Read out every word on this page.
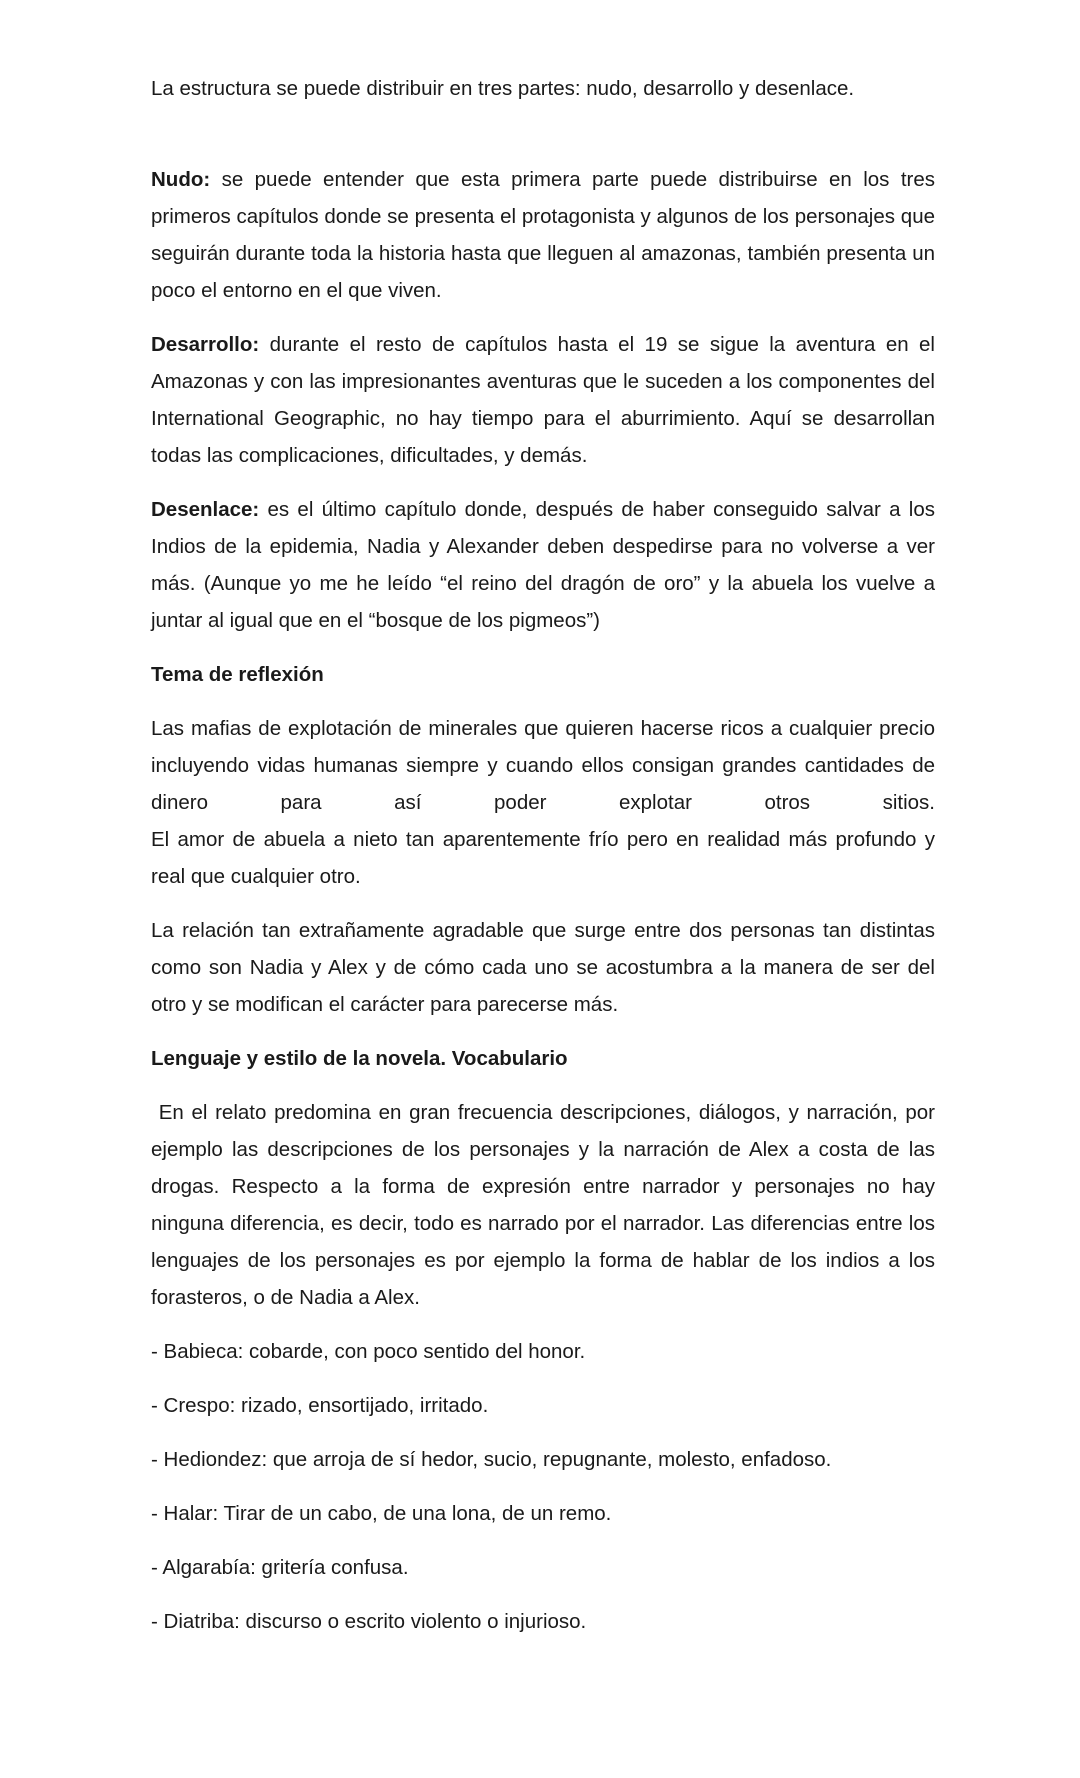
La estructura se puede distribuir en tres partes: nudo, desarrollo y desenlace.

Nudo: se puede entender que esta primera parte puede distribuirse en los tres primeros capítulos donde se presenta el protagonista y algunos de los personajes que seguirán durante toda la historia hasta que lleguen al amazonas, también presenta un poco el entorno en el que viven.

Desarrollo: durante el resto de capítulos hasta el 19 se sigue la aventura en el Amazonas y con las impresionantes aventuras que le suceden a los componentes del International Geographic, no hay tiempo para el aburrimiento. Aquí se desarrollan todas las complicaciones, dificultades, y demás.

Desenlace: es el último capítulo donde, después de haber conseguido salvar a los Indios de la epidemia, Nadia y Alexander deben despedirse para no volverse a ver más. (Aunque yo me he leído “el reino del dragón de oro” y la abuela los vuelve a juntar al igual que en el “bosque de los pigmeos”)

Tema de reflexión

Las mafias de explotación de minerales que quieren hacerse ricos a cualquier precio incluyendo vidas humanas siempre y cuando ellos consigan grandes cantidades de dinero para así poder explotar otros sitios.

El amor de abuela a nieto tan aparentemente frío pero en realidad más profundo y real que cualquier otro.

La relación tan extrañamente agradable que surge entre dos personas tan distintas como son Nadia y Alex y de cómo cada uno se acostumbra a la manera de ser del otro y se modifican el carácter para parecerse más.

Lenguaje y estilo de la novela. Vocabulario

En el relato predomina en gran frecuencia descripciones, diálogos, y narración, por ejemplo las descripciones de los personajes y la narración de Alex a costa de las drogas. Respecto a la forma de expresión entre narrador y personajes no hay ninguna diferencia, es decir, todo es narrado por el narrador. Las diferencias entre los lenguajes de los personajes es por ejemplo la forma de hablar de los indios a los forasteros, o de Nadia a Alex.

- Babieca: cobarde, con poco sentido del honor.

- Crespo: rizado, ensortijado, irritado.

- Hediondez: que arroja de sí hedor, sucio, repugnante, molesto, enfadoso.

- Halar: Tirar de un cabo, de una lona, de un remo.

- Algarabía: gritería confusa.

- Diatriba: discurso o escrito violento o injurioso.
